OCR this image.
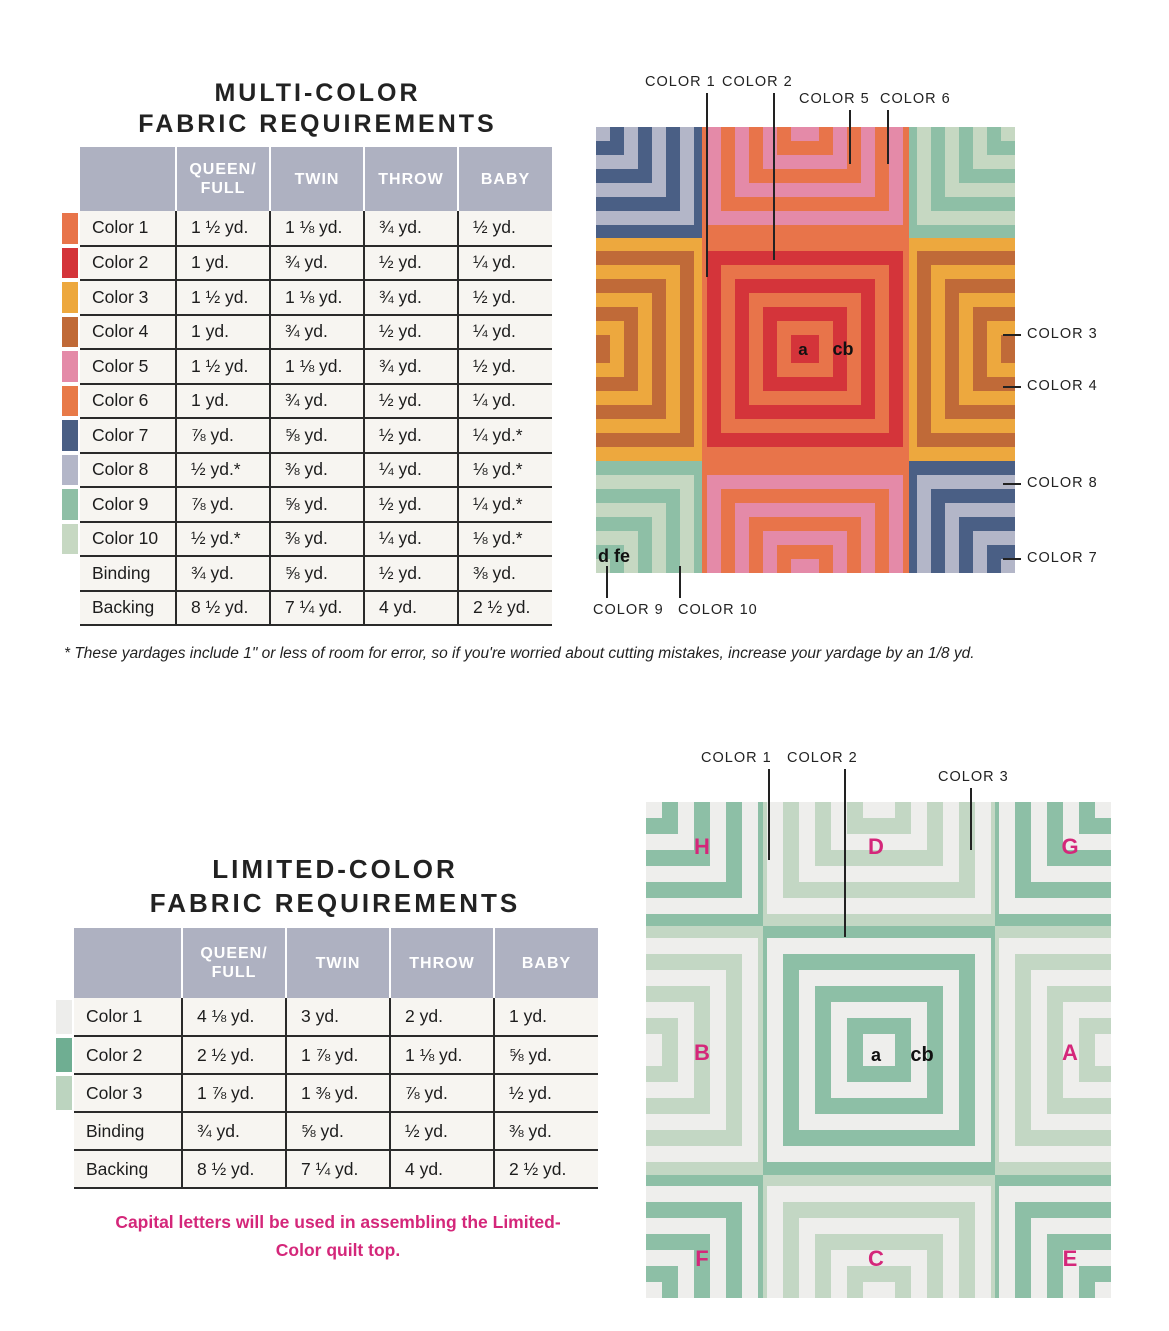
MULTI-COLOR
FABRIC REQUIREMENTS
		QUEEN/ FULL	TWIN	THROW	BABY

	Color 1	1 ½ yd.	1 ⅛ yd.	¾ yd.	½ yd.

	Color 2	1 yd.	¾ yd.	½ yd.	¼ yd.

	Color 3	1 ½ yd.	1 ⅛ yd.	¾ yd.	½ yd.

	Color 4	1 yd.	¾ yd.	½ yd.	¼ yd.

	Color 5	1 ½ yd.	1 ⅛ yd.	¾ yd.	½ yd.

	Color 6	1 yd.	¾ yd.	½ yd.	¼ yd.

	Color 7	⅞ yd.	⅝ yd.	½ yd.	¼ yd.*

	Color 8	½ yd.*	⅜ yd.	¼ yd.	⅛ yd.*

	Color 9	⅞ yd.	⅝ yd.	½ yd.	¼ yd.*

	Color 10	½ yd.*	⅜ yd.	¼ yd.	⅛ yd.*

	Binding	¾ yd.	⅝ yd.	½ yd.	⅜ yd.

	Backing	8 ½ yd.	7 ¼ yd.	4 yd.	2 ½ yd.
* These yardages include 1" or less of room for error, so if you're worried about cutting mistakes, increase your yardage by an 1/8 yd.
a cb
d fe
COLOR 1 COLOR 2
COLOR 5 COLOR 6
COLOR 3
COLOR 4
COLOR 8
COLOR 7
COLOR 9 COLOR 10
LIMITED-COLOR
FABRIC REQUIREMENTS
		QUEEN/ FULL	TWIN	THROW	BABY

	Color 1	4 ⅛ yd.	3 yd.	2 yd.	1 yd.

	Color 2	2 ½ yd.	1 ⅞ yd.	1 ⅛ yd.	⅝ yd.

	Color 3	1 ⅞ yd.	1 ⅜ yd.	⅞ yd.	½ yd.

	Binding	¾ yd.	⅝ yd.	½ yd.	⅜ yd.

	Backing	8 ½ yd.	7 ¼ yd.	4 yd.	2 ½ yd.
Capital letters will be used in assembling the Limited-Color quilt top.
a cb
H	D	G
B	A
F	C	E
COLOR 1 COLOR 2
COLOR 3
